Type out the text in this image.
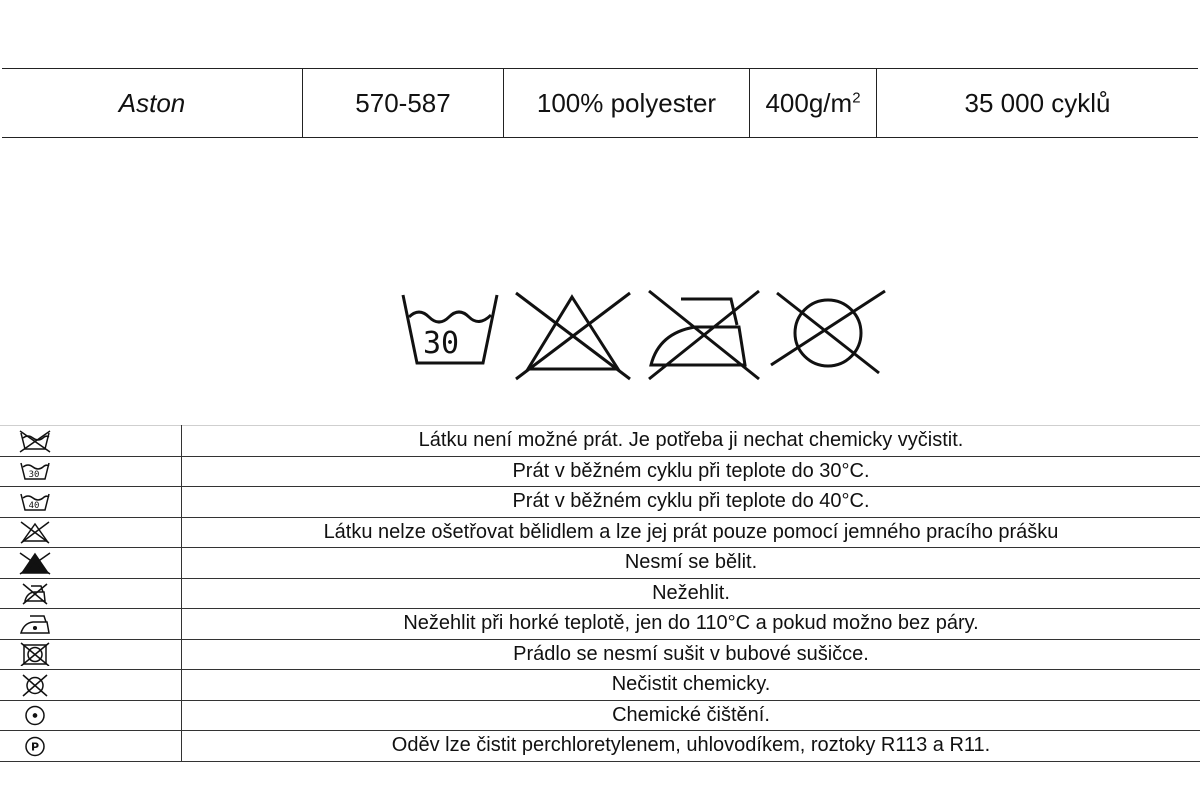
Aston	570-587	100% polyester	$400g/m^2$	35 000 cyklů
30
	Látku není možné prát. Je potřeba ji nechat chemicky vyčistit.

30	Prát v běžném cyklu při teplote do 30°C.

40	Prát v běžném cyklu při teplote do 40°C.

	Látku nelze ošetřovat bělidlem a lze jej prát pouze pomocí jemného pracího prášku

	Nesmí se bělit.

	Nežehlit.

	Nežehlit při horké teplotě, jen do 110°C a pokud možno bez páry.

	Prádlo se nesmí sušit v bubové sušičce.

	Nečistit chemicky.

	Chemické čištění.

P	Oděv lze čistit perchloretylenem, uhlovodíkem, roztoky R113 a R11.
